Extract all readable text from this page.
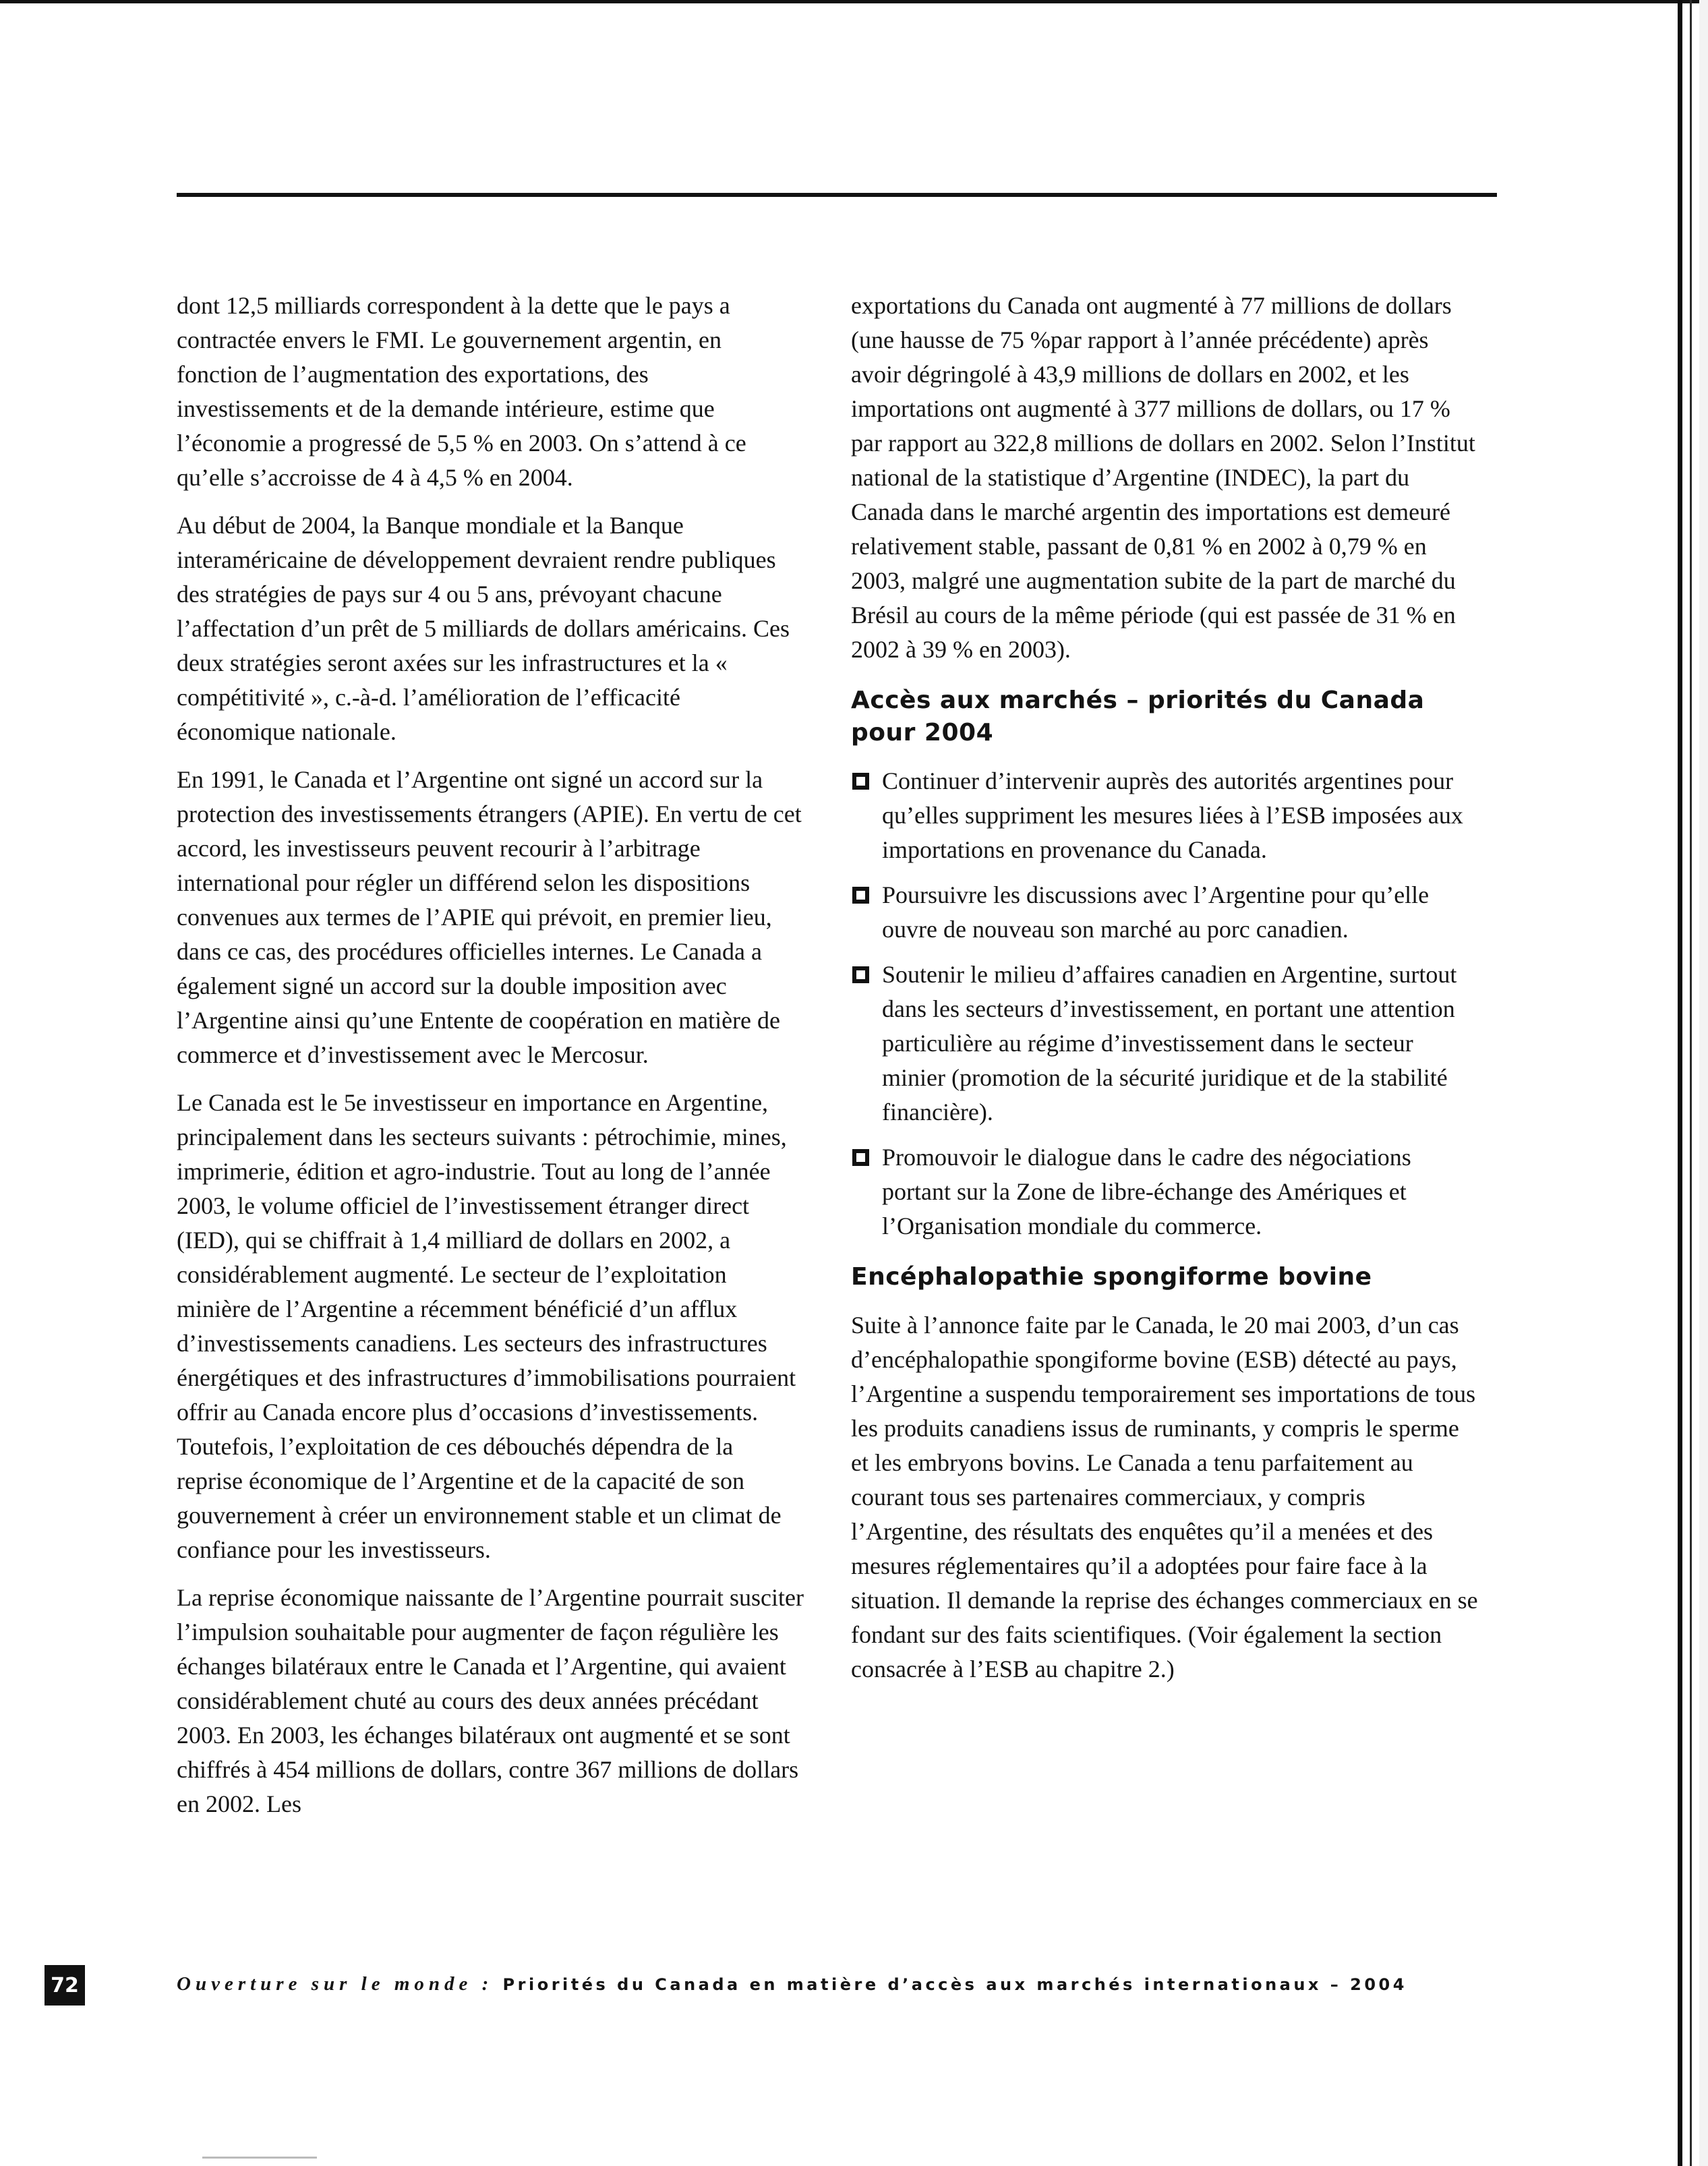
dont 12,5 milliards correspondent à la dette que le pays a contractée envers le FMI. Le gouvernement argentin, en fonction de l’augmentation des exportations, des investissements et de la demande intérieure, estime que l’économie a progressé de 5,5 % en 2003. On s’attend à ce qu’elle s’accroisse de 4 à 4,5 % en 2004.

Au début de 2004, la Banque mondiale et la Banque interaméricaine de développement devraient rendre publiques des stratégies de pays sur 4 ou 5 ans, prévoyant chacune l’affectation d’un prêt de 5 milliards de dollars américains. Ces deux stratégies seront axées sur les infrastructures et la « compétitivité », c.-à-d. l’amélioration de l’efficacité économique nationale.

En 1991, le Canada et l’Argentine ont signé un accord sur la protection des investissements étrangers (APIE). En vertu de cet accord, les investisseurs peuvent recourir à l’arbitrage international pour régler un différend selon les dispositions convenues aux termes de l’APIE qui prévoit, en premier lieu, dans ce cas, des procédures officielles internes. Le Canada a également signé un accord sur la double imposition avec l’Argentine ainsi qu’une Entente de coopération en matière de commerce et d’investissement avec le Mercosur.

Le Canada est le 5e investisseur en importance en Argentine, principalement dans les secteurs suivants : pétrochimie, mines, imprimerie, édition et agro-industrie. Tout au long de l’année 2003, le volume officiel de l’investissement étranger direct (IED), qui se chiffrait à 1,4 milliard de dollars en 2002, a considérablement augmenté. Le secteur de l’exploitation minière de l’Argentine a récemment bénéficié d’un afflux d’investissements canadiens. Les secteurs des infrastructures énergétiques et des infrastructures d’immobilisations pourraient offrir au Canada encore plus d’occasions d’investissements. Toutefois, l’exploitation de ces débouchés dépendra de la reprise économique de l’Argentine et de la capacité de son gouvernement à créer un environnement stable et un climat de confiance pour les investisseurs.

La reprise économique naissante de l’Argentine pourrait susciter l’impulsion souhaitable pour augmenter de façon régulière les échanges bilatéraux entre le Canada et l’Argentine, qui avaient considérablement chuté au cours des deux années précédant 2003. En 2003, les échanges bilatéraux ont augmenté et se sont chiffrés à 454 millions de dollars, contre 367 millions de dollars en 2002. Les

exportations du Canada ont augmenté à 77 millions de dollars (une hausse de 75 %par rapport à l’année précédente) après avoir dégringolé à 43,9 millions de dollars en 2002, et les importations ont augmenté à 377 millions de dollars, ou 17 % par rapport au 322,8 millions de dollars en 2002. Selon l’Institut national de la statistique d’Argentine (INDEC), la part du Canada dans le marché argentin des importations est demeuré relativement stable, passant de 0,81 % en 2002 à 0,79 % en 2003, malgré une augmentation subite de la part de marché du Brésil au cours de la même période (qui est passée de 31 % en 2002 à 39 % en 2003).

Accès aux marchés – priorités du Canada pour 2004
Continuer d’intervenir auprès des autorités argentines pour qu’elles suppriment les mesures liées à l’ESB imposées aux importations en provenance du Canada.
Poursuivre les discussions avec l’Argentine pour qu’elle ouvre de nouveau son marché au porc canadien.
Soutenir le milieu d’affaires canadien en Argentine, surtout dans les secteurs d’investissement, en portant une attention particulière au régime d’investissement dans le secteur minier (promotion de la sécurité juridique et de la stabilité financière).
Promouvoir le dialogue dans le cadre des négociations portant sur la Zone de libre-échange des Amériques et l’Organisation mondiale du commerce.
Encéphalopathie spongiforme bovine

Suite à l’annonce faite par le Canada, le 20 mai 2003, d’un cas d’encéphalopathie spongiforme bovine (ESB) détecté au pays, l’Argentine a suspendu temporairement ses importations de tous les produits canadiens issus de ruminants, y compris le sperme et les embryons bovins. Le Canada a tenu parfaitement au courant tous ses partenaires commerciaux, y compris l’Argentine, des résultats des enquêtes qu’il a menées et des mesures réglementaires qu’il a adoptées pour faire face à la situation. Il demande la reprise des échanges commerciaux en se fondant sur des faits scientifiques. (Voir également la section consacrée à l’ESB au chapitre 2.)

72	Ouverture sur le monde : Priorités du Canada en matière d’accès aux marchés internationaux – 2004
